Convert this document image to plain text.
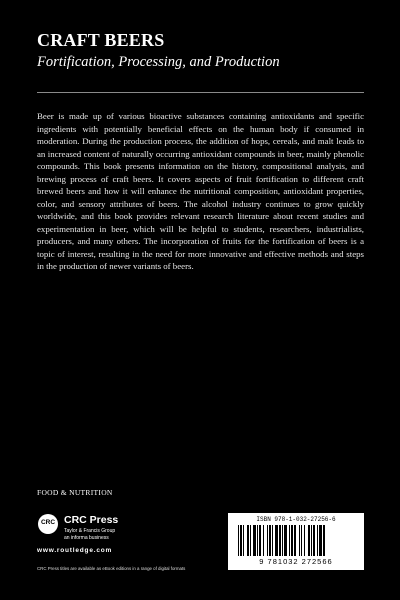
CRAFT BEERS
Fortification, Processing, and Production

Beer is made up of various bioactive substances containing antioxidants and specific ingredients with potentially beneficial effects on the human body if consumed in moderation. During the production process, the addition of hops, cereals, and malt leads to an increased content of naturally occurring antioxidant compounds in beer, mainly phenolic compounds. This book presents information on the history, compositional analysis, and brewing process of craft beers. It covers aspects of fruit fortification to different craft brewed beers and how it will enhance the nutritional composition, antioxidant properties, color, and sensory attributes of beers. The alcohol industry continues to grow quickly worldwide, and this book provides relevant research literature about recent studies and experimentation in beer, which will be helpful to students, researchers, industrialists, producers, and many others. The incorporation of fruits for the fortification of beers is a topic of interest, resulting in the need for more innovative and effective methods and steps in the production of newer variants of beers.

FOOD & NUTRITION
CRC CRC Press
Taylor & Francis Group
an informa business
www.routledge.com
CRC Press titles are available as eBook editions in a range of digital formats
ISBN 978-1-032-27256-6
9 781032 272566
